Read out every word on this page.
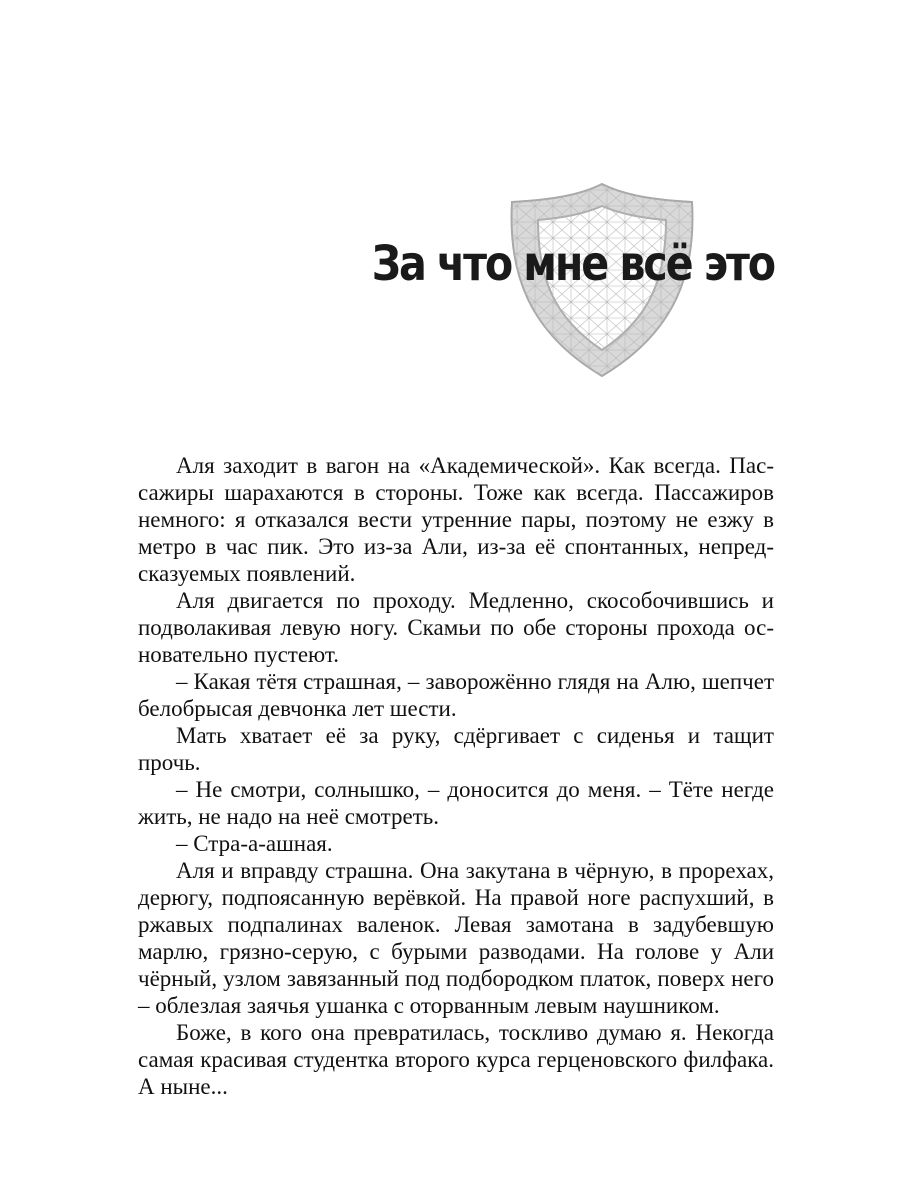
За что мне всё это

Аля заходит в вагон на «Академической». Как всегда. Пассажиры шарахаются в стороны. Тоже как всегда. Пассажиров немного: я отказался вести утренние пары, поэтому не езжу в метро в час пик. Это из-за Али, из-за её спонтанных, непредсказуемых появлений.

Аля двигается по проходу. Медленно, скособочившись и подволакивая левую ногу. Скамьи по обе стороны прохода основательно пустеют.

– Какая тётя страшная, – заворожённо глядя на Алю, шепчет белобрысая девчонка лет шести.

Мать хватает её за руку, сдёргивает с сиденья и тащит прочь.

– Не смотри, солнышко, – доносится до меня. – Тёте негде жить, не надо на неё смотреть.

– Стра-а-ашная.

Аля и вправду страшна. Она закутана в чёрную, в прорехах, дерюгу, подпоясанную верёвкой. На правой ноге распухший, в ржавых подпалинах валенок. Левая замотана в задубевшую марлю, грязно-серую, с бурыми разводами. На голове у Али чёрный, узлом завязанный под подбородком платок, поверх него – облезлая заячья ушанка с оторванным левым наушником.

Боже, в кого она превратилась, тоскливо думаю я. Некогда самая красивая студентка второго курса герценовского филфака. А ныне...
